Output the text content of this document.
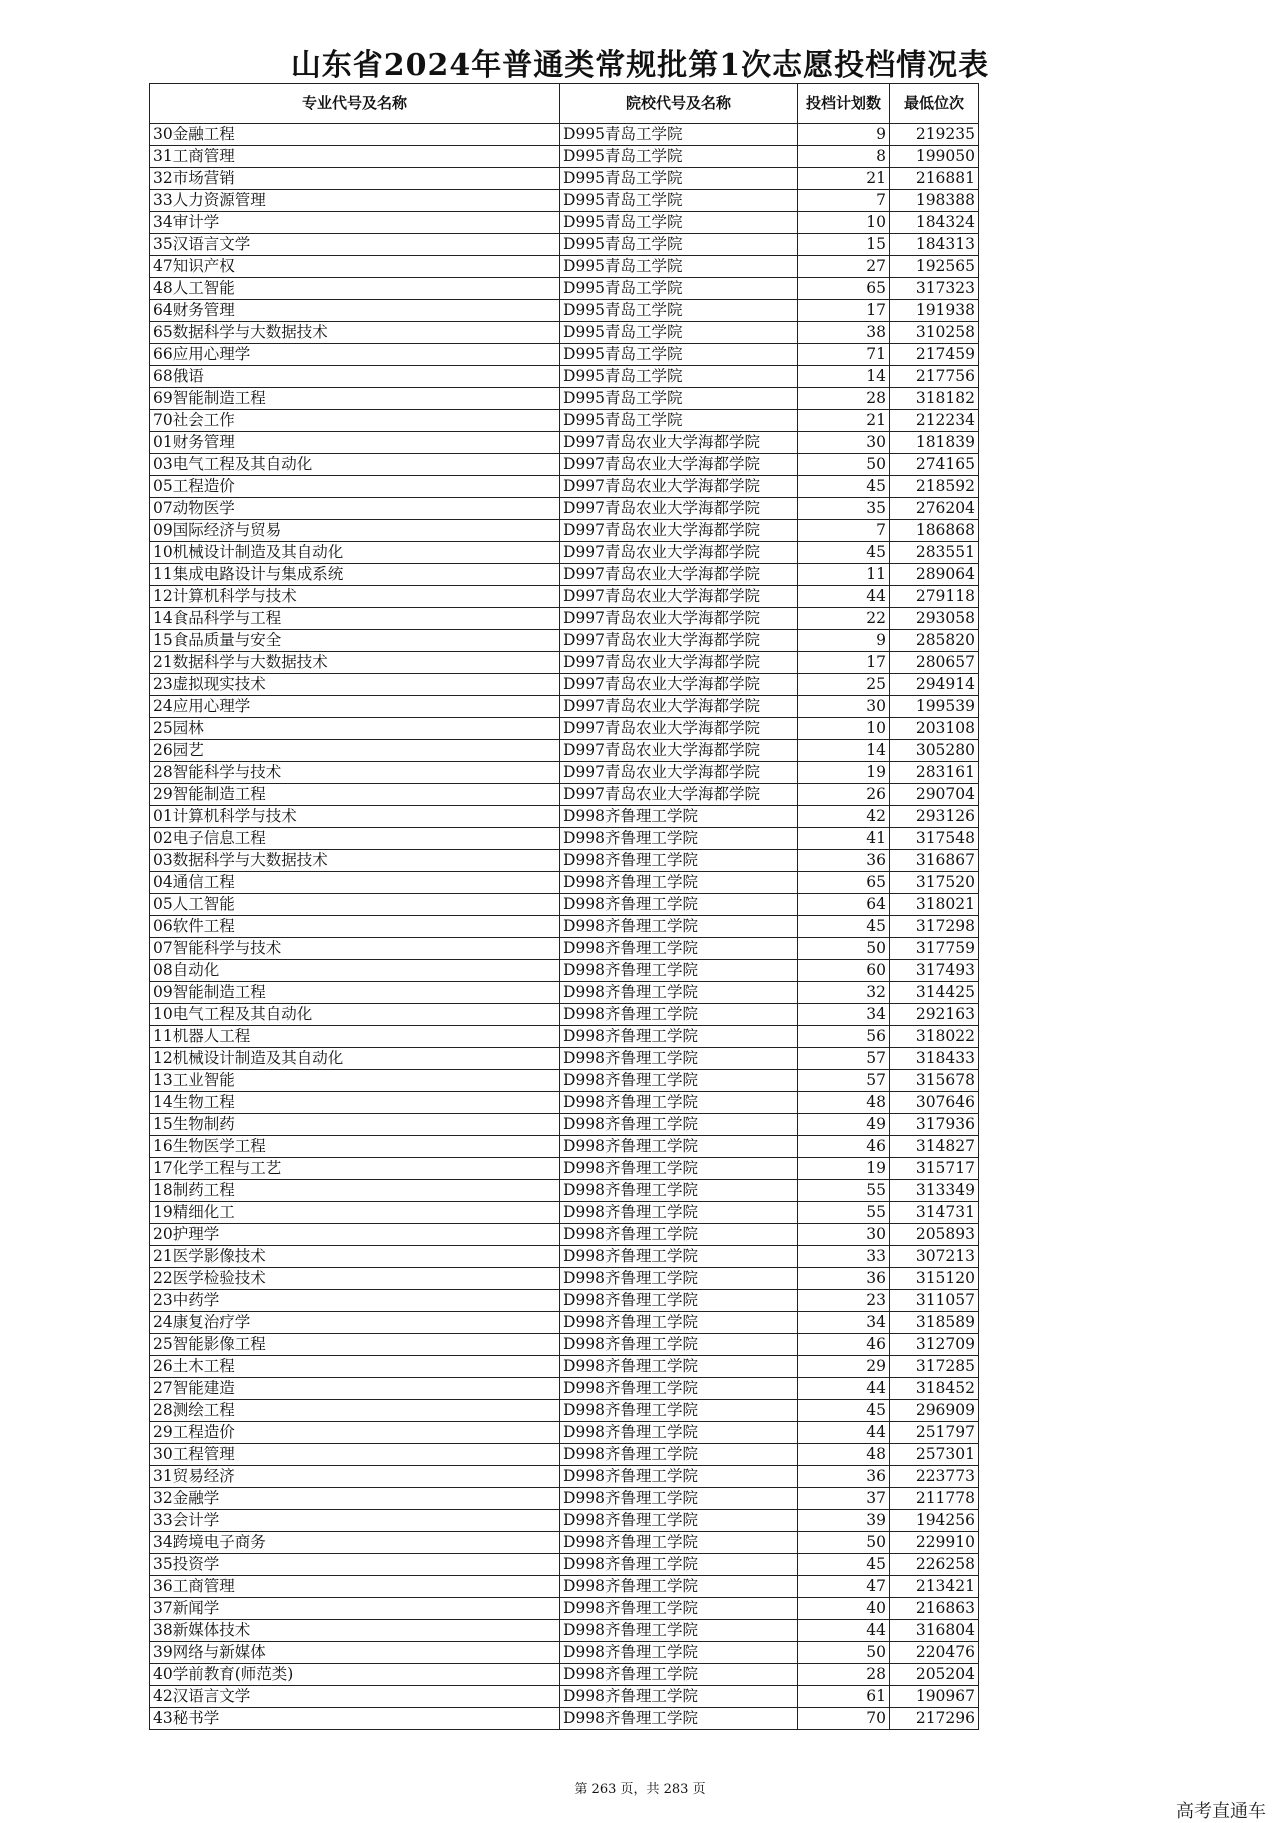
山东省2024年普通类常规批第1次志愿投档情况表
专业代号及名称	院校代号及名称	投档计划数	最低位次
30金融工程	D995青岛工学院	9	219235
31工商管理	D995青岛工学院	8	199050
32市场营销	D995青岛工学院	21	216881
33人力资源管理	D995青岛工学院	7	198388
34审计学	D995青岛工学院	10	184324
35汉语言文学	D995青岛工学院	15	184313
47知识产权	D995青岛工学院	27	192565
48人工智能	D995青岛工学院	65	317323
64财务管理	D995青岛工学院	17	191938
65数据科学与大数据技术	D995青岛工学院	38	310258
66应用心理学	D995青岛工学院	71	217459
68俄语	D995青岛工学院	14	217756
69智能制造工程	D995青岛工学院	28	318182
70社会工作	D995青岛工学院	21	212234
01财务管理	D997青岛农业大学海都学院	30	181839
03电气工程及其自动化	D997青岛农业大学海都学院	50	274165
05工程造价	D997青岛农业大学海都学院	45	218592
07动物医学	D997青岛农业大学海都学院	35	276204
09国际经济与贸易	D997青岛农业大学海都学院	7	186868
10机械设计制造及其自动化	D997青岛农业大学海都学院	45	283551
11集成电路设计与集成系统	D997青岛农业大学海都学院	11	289064
12计算机科学与技术	D997青岛农业大学海都学院	44	279118
14食品科学与工程	D997青岛农业大学海都学院	22	293058
15食品质量与安全	D997青岛农业大学海都学院	9	285820
21数据科学与大数据技术	D997青岛农业大学海都学院	17	280657
23虚拟现实技术	D997青岛农业大学海都学院	25	294914
24应用心理学	D997青岛农业大学海都学院	30	199539
25园林	D997青岛农业大学海都学院	10	203108
26园艺	D997青岛农业大学海都学院	14	305280
28智能科学与技术	D997青岛农业大学海都学院	19	283161
29智能制造工程	D997青岛农业大学海都学院	26	290704
01计算机科学与技术	D998齐鲁理工学院	42	293126
02电子信息工程	D998齐鲁理工学院	41	317548
03数据科学与大数据技术	D998齐鲁理工学院	36	316867
04通信工程	D998齐鲁理工学院	65	317520
05人工智能	D998齐鲁理工学院	64	318021
06软件工程	D998齐鲁理工学院	45	317298
07智能科学与技术	D998齐鲁理工学院	50	317759
08自动化	D998齐鲁理工学院	60	317493
09智能制造工程	D998齐鲁理工学院	32	314425
10电气工程及其自动化	D998齐鲁理工学院	34	292163
11机器人工程	D998齐鲁理工学院	56	318022
12机械设计制造及其自动化	D998齐鲁理工学院	57	318433
13工业智能	D998齐鲁理工学院	57	315678
14生物工程	D998齐鲁理工学院	48	307646
15生物制药	D998齐鲁理工学院	49	317936
16生物医学工程	D998齐鲁理工学院	46	314827
17化学工程与工艺	D998齐鲁理工学院	19	315717
18制药工程	D998齐鲁理工学院	55	313349
19精细化工	D998齐鲁理工学院	55	314731
20护理学	D998齐鲁理工学院	30	205893
21医学影像技术	D998齐鲁理工学院	33	307213
22医学检验技术	D998齐鲁理工学院	36	315120
23中药学	D998齐鲁理工学院	23	311057
24康复治疗学	D998齐鲁理工学院	34	318589
25智能影像工程	D998齐鲁理工学院	46	312709
26土木工程	D998齐鲁理工学院	29	317285
27智能建造	D998齐鲁理工学院	44	318452
28测绘工程	D998齐鲁理工学院	45	296909
29工程造价	D998齐鲁理工学院	44	251797
30工程管理	D998齐鲁理工学院	48	257301
31贸易经济	D998齐鲁理工学院	36	223773
32金融学	D998齐鲁理工学院	37	211778
33会计学	D998齐鲁理工学院	39	194256
34跨境电子商务	D998齐鲁理工学院	50	229910
35投资学	D998齐鲁理工学院	45	226258
36工商管理	D998齐鲁理工学院	47	213421
37新闻学	D998齐鲁理工学院	40	216863
38新媒体技术	D998齐鲁理工学院	44	316804
39网络与新媒体	D998齐鲁理工学院	50	220476
40学前教育(师范类)	D998齐鲁理工学院	28	205204
42汉语言文学	D998齐鲁理工学院	61	190967
43秘书学	D998齐鲁理工学院	70	217296
第 263 页，共 283 页
高考直通车
